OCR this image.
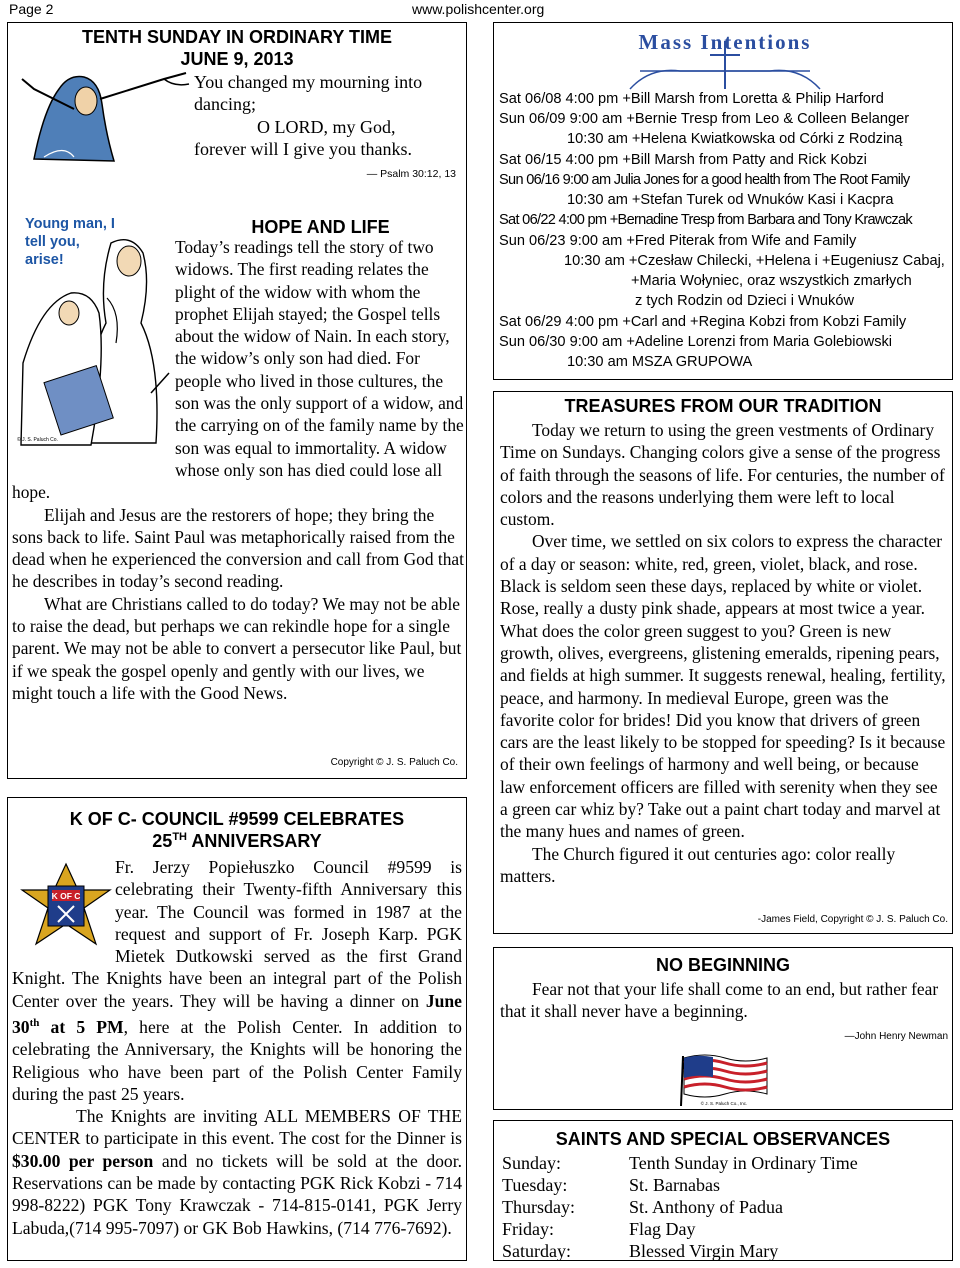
Page 2	www.polishcenter.org
TENTH SUNDAY IN ORDINARY TIME
JUNE 9, 2013
You changed my mourning into
dancing;
O LORD, my God,
forever will I give you thanks.
— Psalm 30:12, 13
HOPE AND LIFE
Young man, I tell you, arise!
© J. S. Paluch Co.

Today’s readings tell the story of two widows. The first reading relates the plight of the widow with whom the prophet Elijah stayed; the Gospel tells about the widow of Nain. In each story, the widow’s only son had died. For people who lived in those cultures, the son was the only support of a widow, and the carrying on of the family name by the son was equal to immortality. A widow whose only son has died could lose all hope.

Elijah and Jesus are the restorers of hope; they bring the sons back to life. Saint Paul was metaphorically raised from the dead when he experienced the conversion and call from God that he describes in today’s second reading.

What are Christians called to do today? We may not be able to raise the dead, but perhaps we can rekindle hope for a single parent. We may not be able to convert a persecutor like Paul, but if we speak the gospel openly and gently with our lives, we might touch a life with the Good News.

Copyright © J. S. Paluch Co.
K OF C- COUNCIL #9599 CELEBRATES
25TH ANNIVERSARY
K OF C

Fr. Jerzy Popiełuszko Council #9599 is celebrating their Twenty-fifth Anniversary this year. The Council was formed in 1987 at the request and support of Fr. Joseph Karp. PGK Mietek Dutkowski served as the first Grand Knight. The Knights have been an integral part of the Polish Center over the years. They will be having a dinner on June 30th at 5 PM, here at the Polish Center. In addition to celebrating the Anniversary, the Knights will be honoring the Religious who have been part of the Polish Center Family during the past 25 years.

The Knights are inviting ALL MEMBERS OF THE CENTER to participate in this event. The cost for the Dinner is $30.00 per person and no tickets will be sold at the door. Reservations can be made by contacting PGK Rick Kobzi - 714 998-8222) PGK Tony Krawczak - 714-815-0141, PGK Jerry Labuda,(714 995-7097) or GK Bob Hawkins, (714 776-7692).

Mass Intentions
Sat 06/08 4:00 pm +Bill Marsh from Loretta & Philip Harford
Sun 06/09 9:00 am +Bernie Tresp from Leo & Colleen Belanger
10:30 am +Helena Kwiatkowska od Córki z Rodziną
Sat 06/15 4:00 pm +Bill Marsh from Patty and Rick Kobzi
Sun 06/16 9:00 am Julia Jones for a good health from The Root Family
10:30 am +Stefan Turek od Wnuków Kasi i Kacpra
Sat 06/22 4:00 pm +Bernadine Tresp from Barbara and Tony Krawczak
Sun 06/23 9:00 am +Fred Piterak from Wife and Family
10:30 am +Czesław Chilecki, +Helena i +Eugeniusz Cabaj,
+Maria Wołyniec, oraz wszystkich zmarłych
z tych Rodzin od Dzieci i Wnuków
Sat 06/29 4:00 pm +Carl and +Regina Kobzi from Kobzi Family
Sun 06/30 9:00 am +Adeline Lorenzi from Maria Golebiowski
10:30 am MSZA GRUPOWA
TREASURES FROM OUR TRADITION

Today we return to using the green vestments of Ordinary Time on Sundays. Changing colors give a sense of the progress of faith through the seasons of life. For centuries, the number of colors and the reasons underlying them were left to local custom.

Over time, we settled on six colors to express the character of a day or season: white, red, green, violet, black, and rose. Black is seldom seen these days, replaced by white or violet. Rose, really a dusty pink shade, appears at most twice a year. What does the color green suggest to you? Green is new growth, olives, evergreens, glistening emeralds, ripening pears, and fields at high summer. It suggests renewal, healing, fertility, peace, and harmony. In medieval Europe, green was the favorite color for brides! Did you know that drivers of green cars are the least likely to be stopped for speeding? Is it because of their own feelings of harmony and well being, or because law enforcement officers are filled with serenity when they see a green car whiz by? Take out a paint chart today and marvel at the many hues and names of green.

The Church figured it out centuries ago: color really matters.

-James Field, Copyright © J. S. Paluch Co.
NO BEGINNING

Fear not that your life shall come to an end, but rather fear that it shall never have a beginning.

—John Henry Newman
© J. S. Paluch Co., Inc.
SAINTS AND SPECIAL OBSERVANCES
Sunday:	Tenth Sunday in Ordinary Time
Tuesday:	St. Barnabas
Thursday:	St. Anthony of Padua
Friday:	Flag Day
Saturday:	Blessed Virgin Mary
